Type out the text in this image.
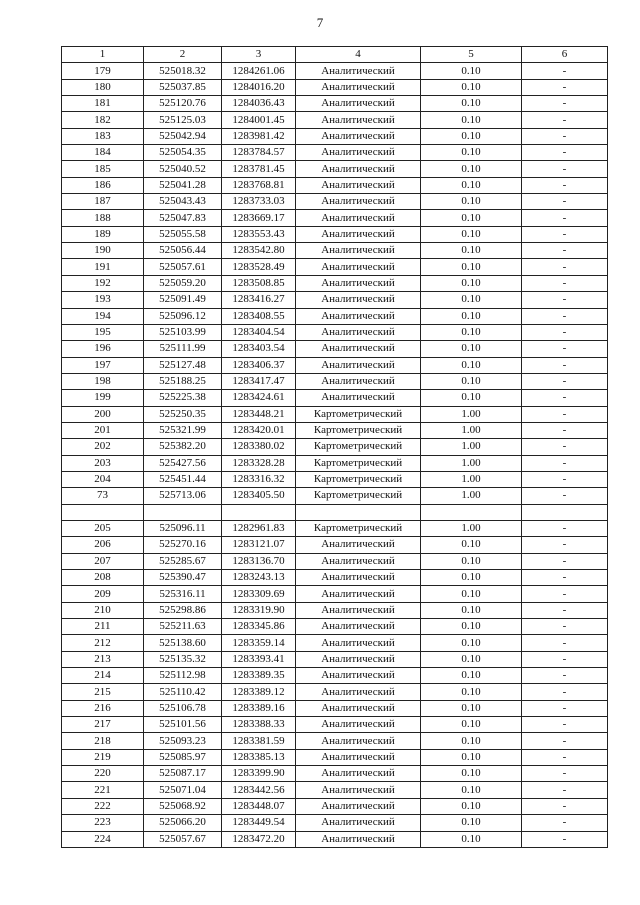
7
1	2	3	4	5	6
179	525018.32	1284261.06	Аналитический	0.10	-
180	525037.85	1284016.20	Аналитический	0.10	-
181	525120.76	1284036.43	Аналитический	0.10	-
182	525125.03	1284001.45	Аналитический	0.10	-
183	525042.94	1283981.42	Аналитический	0.10	-
184	525054.35	1283784.57	Аналитический	0.10	-
185	525040.52	1283781.45	Аналитический	0.10	-
186	525041.28	1283768.81	Аналитический	0.10	-
187	525043.43	1283733.03	Аналитический	0.10	-
188	525047.83	1283669.17	Аналитический	0.10	-
189	525055.58	1283553.43	Аналитический	0.10	-
190	525056.44	1283542.80	Аналитический	0.10	-
191	525057.61	1283528.49	Аналитический	0.10	-
192	525059.20	1283508.85	Аналитический	0.10	-
193	525091.49	1283416.27	Аналитический	0.10	-
194	525096.12	1283408.55	Аналитический	0.10	-
195	525103.99	1283404.54	Аналитический	0.10	-
196	525111.99	1283403.54	Аналитический	0.10	-
197	525127.48	1283406.37	Аналитический	0.10	-
198	525188.25	1283417.47	Аналитический	0.10	-
199	525225.38	1283424.61	Аналитический	0.10	-
200	525250.35	1283448.21	Картометрический	1.00	-
201	525321.99	1283420.01	Картометрический	1.00	-
202	525382.20	1283380.02	Картометрический	1.00	-
203	525427.56	1283328.28	Картометрический	1.00	-
204	525451.44	1283316.32	Картометрический	1.00	-
73	525713.06	1283405.50	Картометрический	1.00	-

205	525096.11	1282961.83	Картометрический	1.00	-
206	525270.16	1283121.07	Аналитический	0.10	-
207	525285.67	1283136.70	Аналитический	0.10	-
208	525390.47	1283243.13	Аналитический	0.10	-
209	525316.11	1283309.69	Аналитический	0.10	-
210	525298.86	1283319.90	Аналитический	0.10	-
211	525211.63	1283345.86	Аналитический	0.10	-
212	525138.60	1283359.14	Аналитический	0.10	-
213	525135.32	1283393.41	Аналитический	0.10	-
214	525112.98	1283389.35	Аналитический	0.10	-
215	525110.42	1283389.12	Аналитический	0.10	-
216	525106.78	1283389.16	Аналитический	0.10	-
217	525101.56	1283388.33	Аналитический	0.10	-
218	525093.23	1283381.59	Аналитический	0.10	-
219	525085.97	1283385.13	Аналитический	0.10	-
220	525087.17	1283399.90	Аналитический	0.10	-
221	525071.04	1283442.56	Аналитический	0.10	-
222	525068.92	1283448.07	Аналитический	0.10	-
223	525066.20	1283449.54	Аналитический	0.10	-
224	525057.67	1283472.20	Аналитический	0.10	-
